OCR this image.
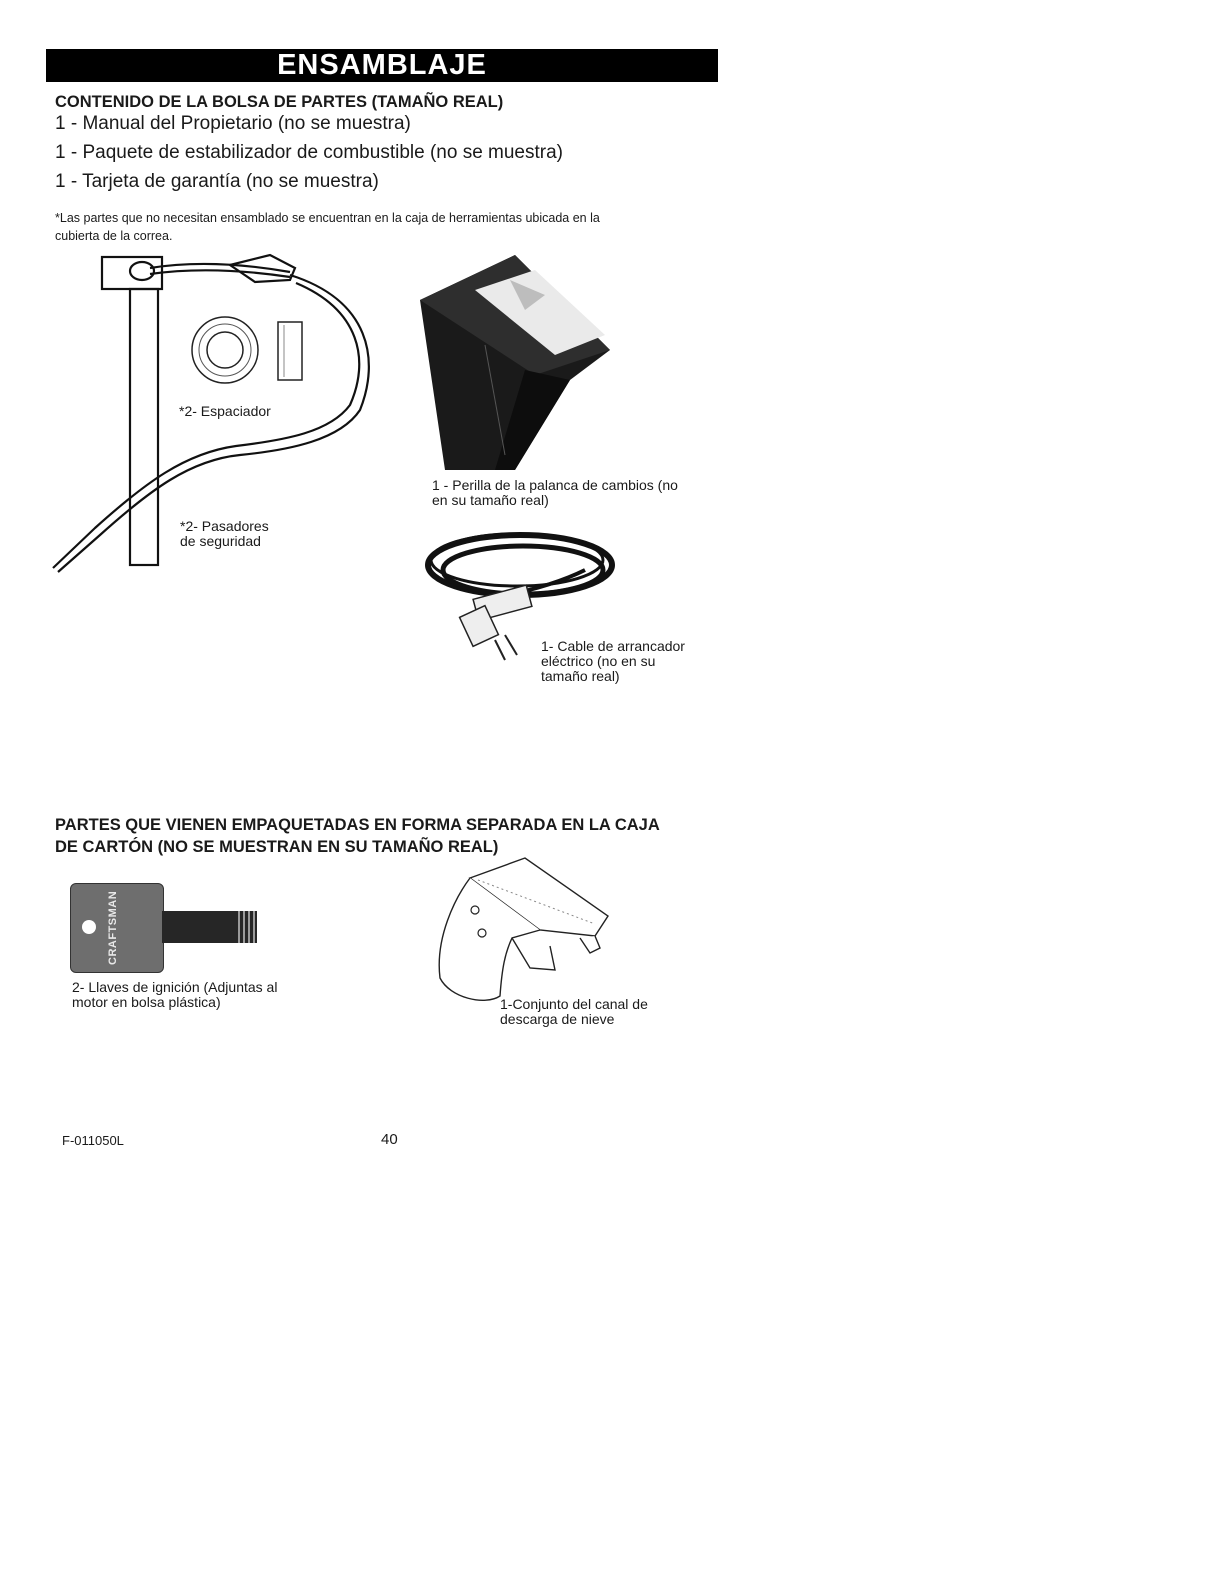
ENSAMBLAJE
CONTENIDO DE LA BOLSA DE PARTES (TAMAÑO REAL)
1 - Manual del Propietario (no se muestra)
1 - Paquete de estabilizador de combustible (no se muestra)
1 - Tarjeta de garantía (no se muestra)
*Las partes que no necesitan ensamblado se encuentran en la caja de herramientas ubicada en la
cubierta de la correa.
*2- Espaciador
*2- Pasadores
de seguridad
1 - Perilla de la palanca de cambios (no
en su tamaño real)
1- Cable de arrancador
eléctrico (no en su
tamaño real)
PARTES QUE VIENEN EMPAQUETADAS EN FORMA SEPARADA EN LA CAJA
DE CARTÓN (NO SE MUESTRAN EN SU TAMAÑO REAL)
CRAFTSMAN
2- Llaves de ignición (Adjuntas al
motor en bolsa plástica)	1-Conjunto del canal de
descarga de nieve
F-011050L	40
